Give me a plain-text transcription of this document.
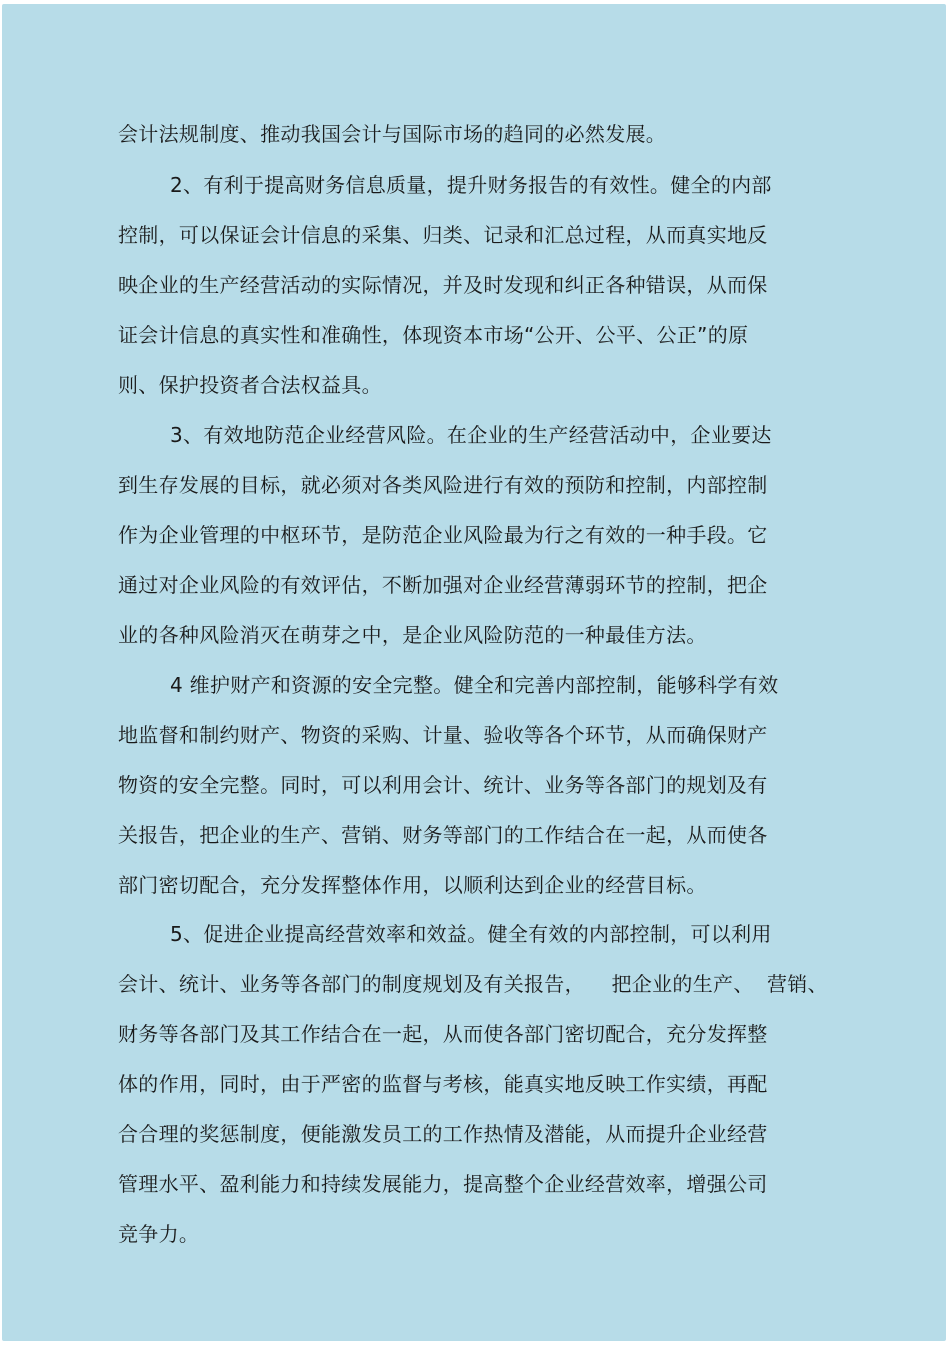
会计法规制度、推动我国会计与国际市场的趋同的必然发展。

2、有利于提高财务信息质量，提升财务报告的有效性。健全的内部

控制，可以保证会计信息的采集、归类、记录和汇总过程，从而真实地反

映企业的生产经营活动的实际情况，并及时发现和纠正各种错误，从而保

证会计信息的真实性和准确性，体现资本市场“公开、公平、公正”的原

则、保护投资者合法权益具。

3、有效地防范企业经营风险。在企业的生产经营活动中，企业要达

到生存发展的目标，就必须对各类风险进行有效的预防和控制，内部控制

作为企业管理的中枢环节，是防范企业风险最为行之有效的一种手段。它

通过对企业风险的有效评估，不断加强对企业经营薄弱环节的控制，把企

业的各种风险消灭在萌芽之中，是企业风险防范的一种最佳方法。

4 维护财产和资源的安全完整。健全和完善内部控制，能够科学有效

地监督和制约财产、物资的采购、计量、验收等各个环节，从而确保财产

物资的安全完整。同时，可以利用会计、统计、业务等各部门的规划及有

关报告，把企业的生产、营销、财务等部门的工作结合在一起，从而使各

部门密切配合，充分发挥整体作用，以顺利达到企业的经营目标。

5、促进企业提高经营效率和效益。健全有效的内部控制，可以利用

会计、统计、业务等各部门的制度规划及有关报告，    把企业的生产、  营销、

财务等各部门及其工作结合在一起，从而使各部门密切配合，充分发挥整

体的作用，同时，由于严密的监督与考核，能真实地反映工作实绩，再配

合合理的奖惩制度，便能激发员工的工作热情及潜能，从而提升企业经营

管理水平、盈利能力和持续发展能力，提高整个企业经营效率，增强公司

竞争力。
